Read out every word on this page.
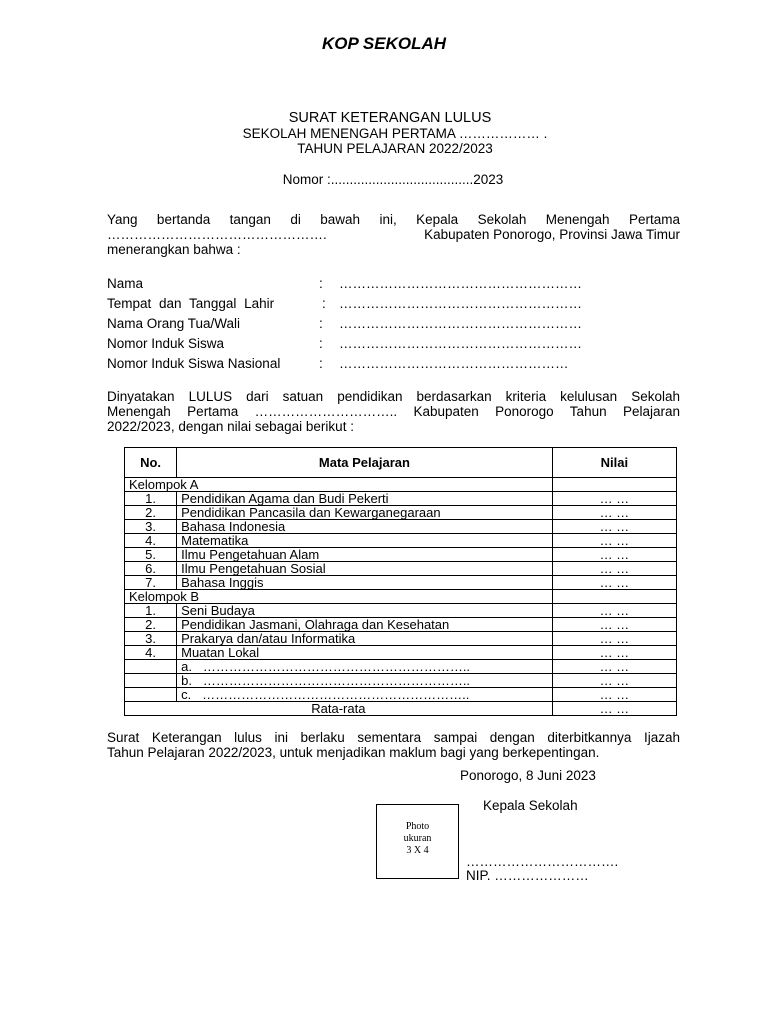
KOP SEKOLAH
SURAT KETERANGAN LULUS
SEKOLAH MENENGAH PERTAMA ……………… .
TAHUN PELAJARAN 2022/2023
Nomor :......................................2023
Yang bertanda tangan di bawah ini, Kepala Sekolah Menengah Pertama
………………………………………….	Kabupaten Ponorogo, Provinsi Jawa Timur
menerangkan bahwa :
Nama	: ………………………………………………
Tempat dan Tanggal Lahir	: ………………………………………………
Nama Orang Tua/Wali	: ………………………………………………
Nomor Induk Siswa	: ………………………………………………
Nomor Induk Siswa Nasional	: ……………………………………………
Dinyatakan LULUS dari satuan pendidikan berdasarkan kriteria kelulusan Sekolah
Menengah Pertama ………………………….. Kabupaten Ponorogo Tahun Pelajaran
2022/2023, dengan nilai sebagai berikut :
No.	Mata Pelajaran	Nilai
Kelompok A		
1.	Pendidikan Agama dan Budi Pekerti	… …
2.	Pendidikan Pancasila dan Kewarganegaraan	… …
3.	Bahasa Indonesia	… …
4.	Matematika	… …
5.	Ilmu Pengetahuan Alam	… …
6.	Ilmu Pengetahuan Sosial	… …
7.	Bahasa Inggis	… …
Kelompok B		
1.	Seni Budaya	… …
2.	Pendidikan Jasmani, Olahraga dan Kesehatan	… …
3.	Prakarya dan/atau Informatika	… …
4.	Muatan Lokal	… …
	a. ……………………………………………………..	… …
	b. ……………………………………………………..	… …
	c. ……………………………………………………..	… …
Rata-rata		… …
Surat Keterangan lulus ini berlaku sementara sampai dengan diterbitkannya Ijazah
Tahun Pelajaran 2022/2023, untuk menjadikan maklum bagi yang berkepentingan.
Ponorogo, 8 Juni 2023
Kepala Sekolah
Photo
ukuran
3 X 4
…………………………….
NIP. …………………
